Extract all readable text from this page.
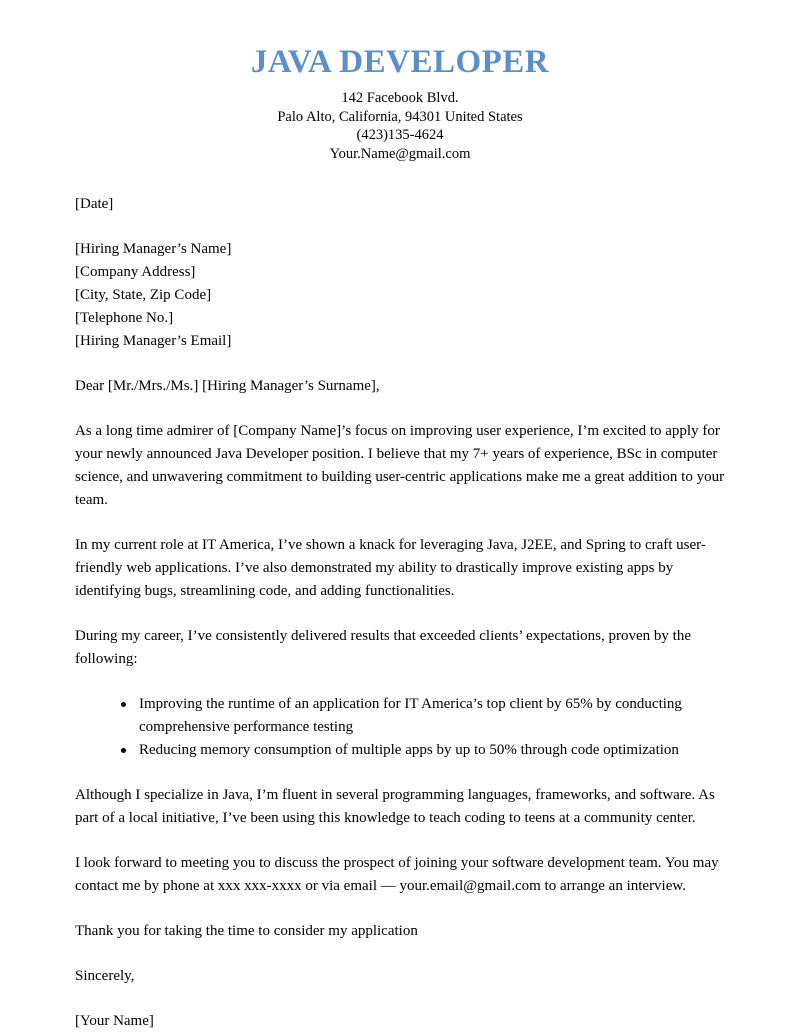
JAVA DEVELOPER
142 Facebook Blvd.
Palo Alto, California, 94301 United States
(423)135-4624
Your.Name@gmail.com
[Date]
[Hiring Manager’s Name]
[Company Address]
[City, State, Zip Code]
[Telephone No.]
[Hiring Manager’s Email]

Dear [Mr./Mrs./Ms.] [Hiring Manager’s Surname],

As a long time admirer of [Company Name]’s focus on improving user experience, I’m excited to apply for your newly announced Java Developer position. I believe that my 7+ years of experience, BSc in computer science, and unwavering commitment to building user-centric applications make me a great addition to your team.

In my current role at IT America, I’ve shown a knack for leveraging Java, J2EE, and Spring to craft user-friendly web applications. I’ve also demonstrated my ability to drastically improve existing apps by identifying bugs, streamlining code, and adding functionalities.

During my career, I’ve consistently delivered results that exceeded clients’ expectations, proven by the following:

Improving the runtime of an application for IT America’s top client by 65% by conducting comprehensive performance testing
Reducing memory consumption of multiple apps by up to 50% through code optimization

Although I specialize in Java, I’m fluent in several programming languages, frameworks, and software. As part of a local initiative, I’ve been using this knowledge to teach coding to teens at a community center.

I look forward to meeting you to discuss the prospect of joining your software development team. You may contact me by phone at xxx xxx-xxxx or via email — your.email@gmail.com to arrange an interview.

Thank you for taking the time to consider my application

Sincerely,

[Your Name]
